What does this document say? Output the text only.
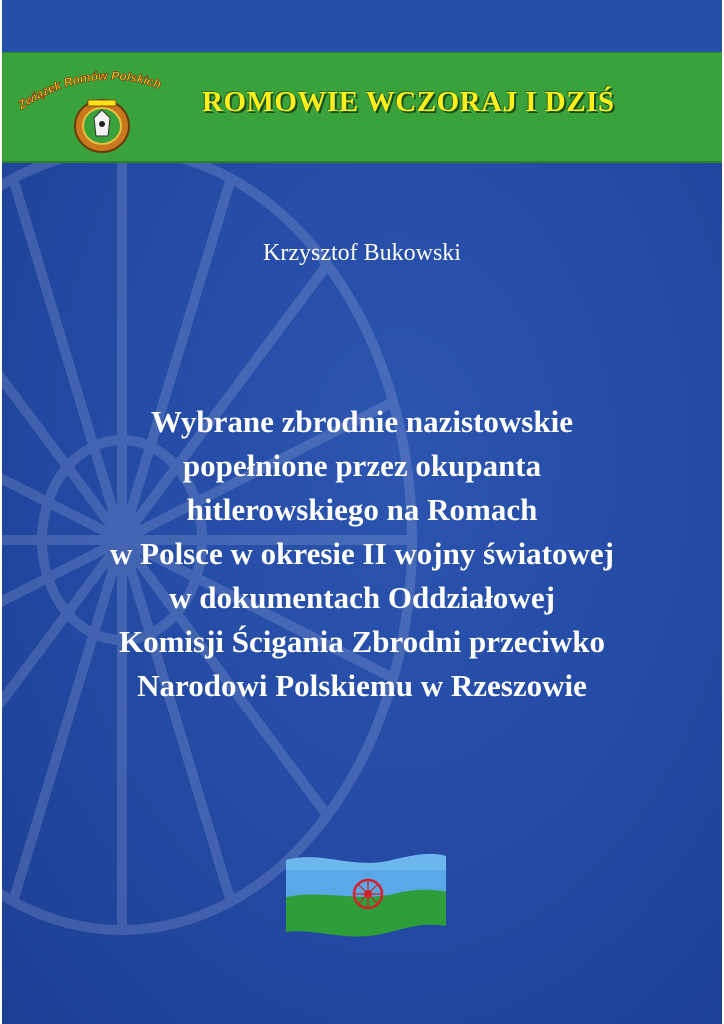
Związek Romów Polskich
ROMOWIE WCZORAJ I DZIŚ
Krzysztof Bukowski
Wybrane zbrodnie nazistowskie
popełnione przez okupanta
hitlerowskiego na Romach
w Polsce w okresie II wojny światowej
w dokumentach Oddziałowej
Komisji Ścigania Zbrodni przeciwko
Narodowi Polskiemu w Rzeszowie
